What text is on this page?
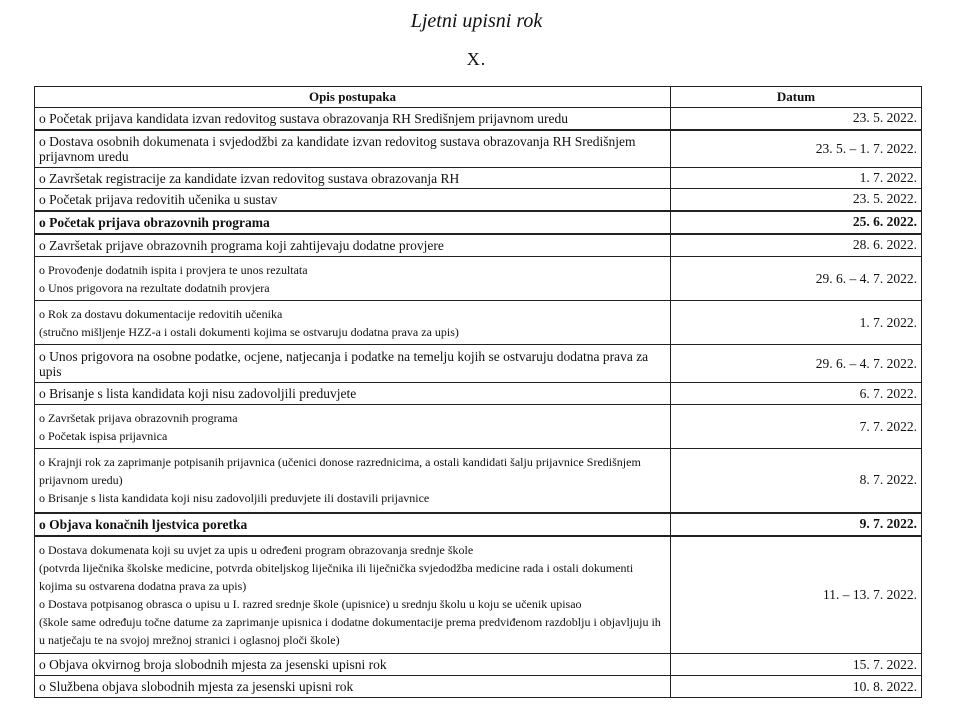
Ljetni upisni rok
X.
Opis postupaka	Datum

o Početak prijava kandidata izvan redovitog sustava obrazovanja RH Središnjem prijavnom uredu	23. 5. 2022.

o Dostava osobnih dokumenata i svjedodžbi za kandidate izvan redovitog sustava obrazovanja RH Središnjem prijavnom uredu	23. 5. – 1. 7. 2022.

o Završetak registracije za kandidate izvan redovitog sustava obrazovanja RH	1. 7. 2022.

o Početak prijava redovitih učenika u sustav	23. 5. 2022.

o Početak prijava obrazovnih programa	25. 6. 2022.

o Završetak prijave obrazovnih programa koji zahtijevaju dodatne provjere	28. 6. 2022.

o Provođenje dodatnih ispita i provjera te unos rezultata
o Unos prigovora na rezultate dodatnih provjera	29. 6. – 4. 7. 2022.

o Rok za dostavu dokumentacije redovitih učenika
(stručno mišljenje HZZ-a i ostali dokumenti kojima se ostvaruju dodatna prava za upis)	1. 7. 2022.

o Unos prigovora na osobne podatke, ocjene, natjecanja i podatke na temelju kojih se ostvaruju dodatna prava za upis	29. 6. – 4. 7. 2022.

o Brisanje s lista kandidata koji nisu zadovoljili preduvjete	6. 7. 2022.

o Završetak prijava obrazovnih programa
o Početak ispisa prijavnica	7. 7. 2022.

o Krajnji rok za zaprimanje potpisanih prijavnica (učenici donose razrednicima, a ostali kandidati šalju prijavnice Središnjem prijavnom uredu)
o Brisanje s lista kandidata koji nisu zadovoljili preduvjete ili dostavili prijavnice	8. 7. 2022.

o Objava konačnih ljestvica poretka	9. 7. 2022.

o Dostava dokumenata koji su uvjet za upis u određeni program obrazovanja srednje škole
(potvrda liječnika školske medicine, potvrda obiteljskog liječnika ili liječnička svjedodžba medicine rada i ostali dokumenti kojima su ostvarena dodatna prava za upis)
o Dostava potpisanog obrasca o upisu u I. razred srednje škole (upisnice) u srednju školu u koju se učenik upisao
(škole same određuju točne datume za zaprimanje upisnica i dodatne dokumentacije prema predviđenom razdoblju i objavljuju ih u natječaju te na svojoj mrežnoj stranici i oglasnoj ploči škole)	11. – 13. 7. 2022.

o Objava okvirnog broja slobodnih mjesta za jesenski upisni rok	15. 7. 2022.

o Službena objava slobodnih mjesta za jesenski upisni rok	10. 8. 2022.
